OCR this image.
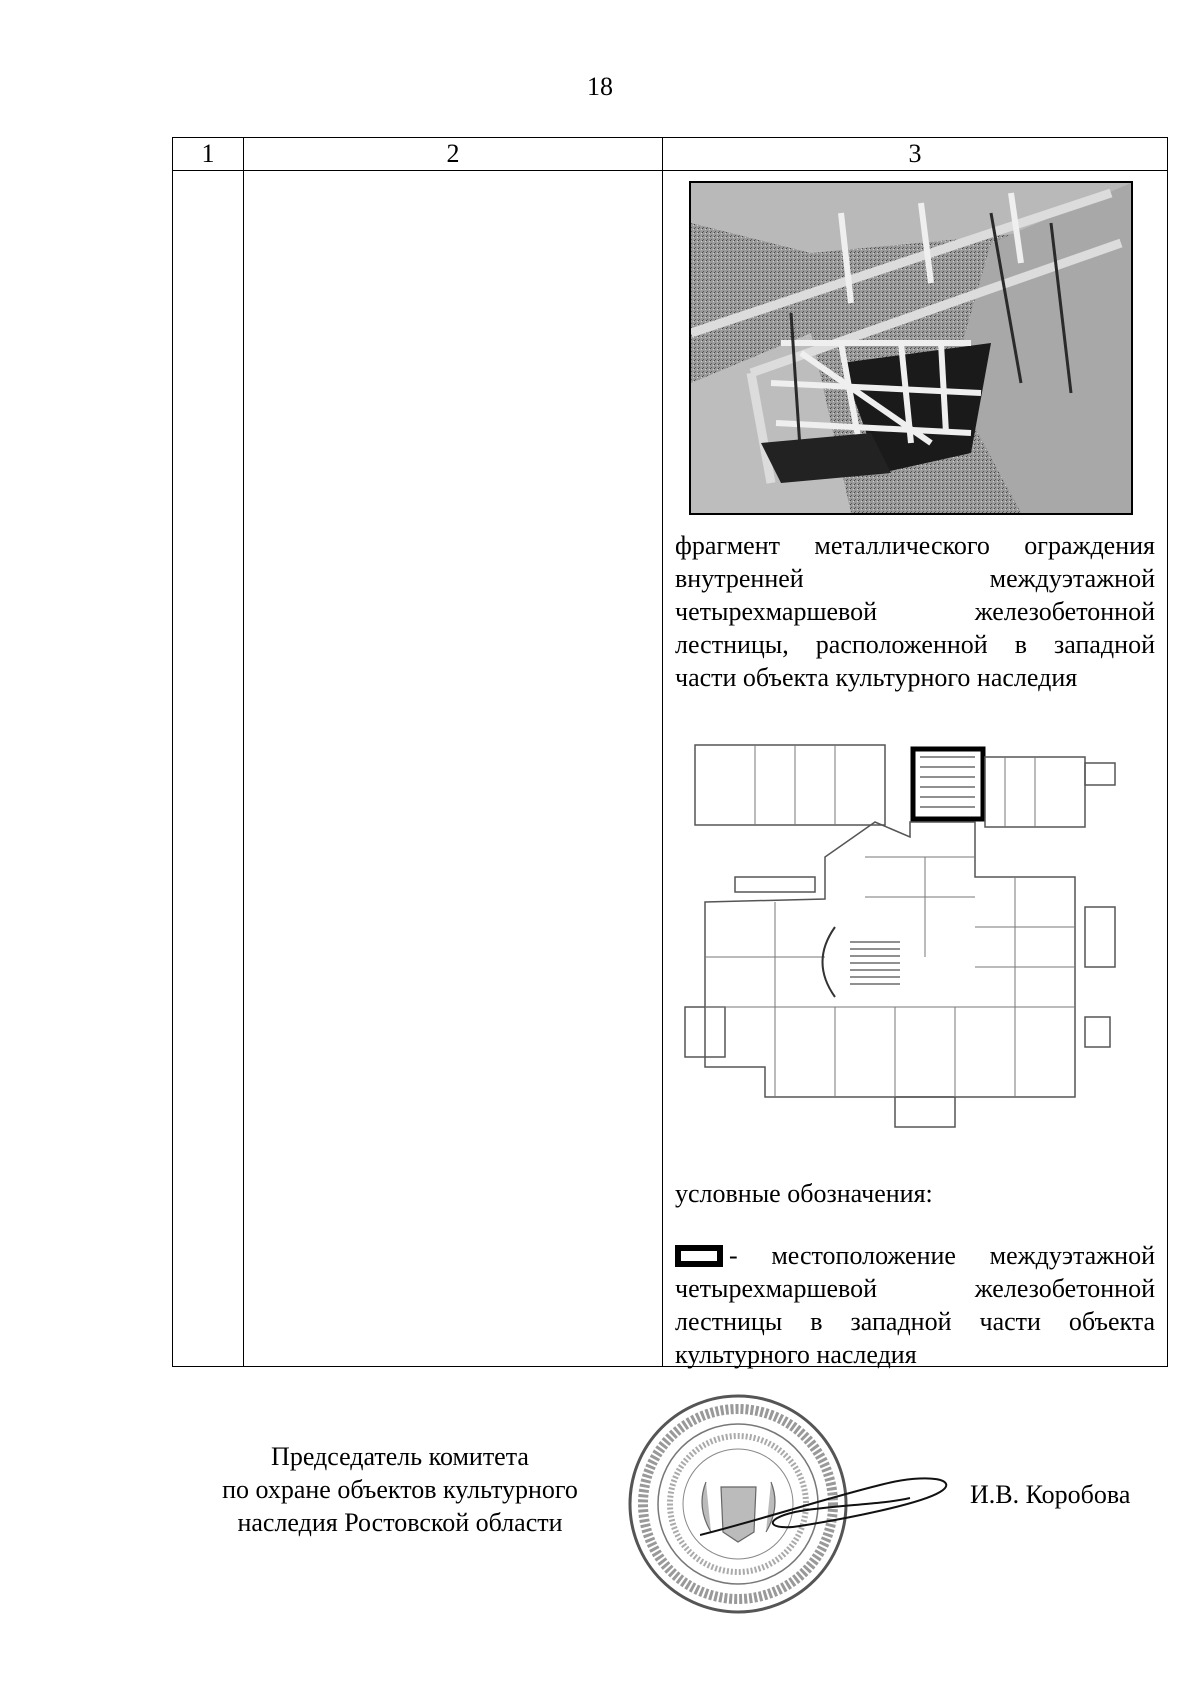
18
1	2	3

		фрагмент металлического ограждения внутренней междуэтажной четырехмаршевой железобетонной лестницы, расположенной в западной части объекта культурного наследия
условные обозначения:
- местоположение междуэтажной четырехмаршевой железобетонной лестницы в западной части объекта культурного наследия
Председатель комитета
по охране объектов культурного
наследия Ростовской области
И.В. Коробова
